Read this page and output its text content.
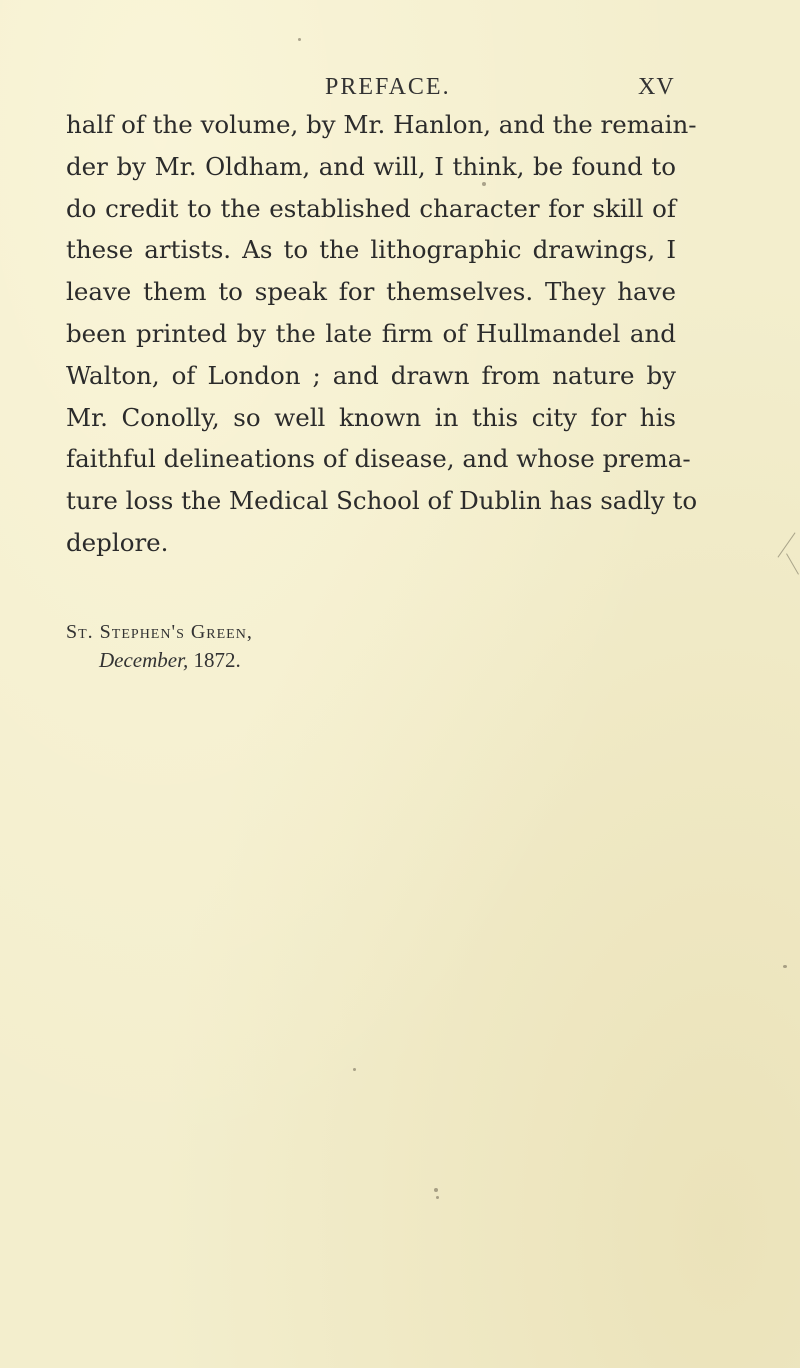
PREFACE.	XV
half of the volume, by Mr. Hanlon, and the remain-
der by Mr. Oldham, and will, I think, be found to
do credit to the established character for skill of
these artists. As to the lithographic drawings, I
leave them to speak for themselves. They have
been printed by the late firm of Hullmandel and
Walton, of London ; and drawn from nature by
Mr. Conolly, so well known in this city for his
faithful delineations of disease, and whose prema-
ture loss the Medical School of Dublin has sadly to
deplore.
St. Stephen's Green,
December, 1872.
